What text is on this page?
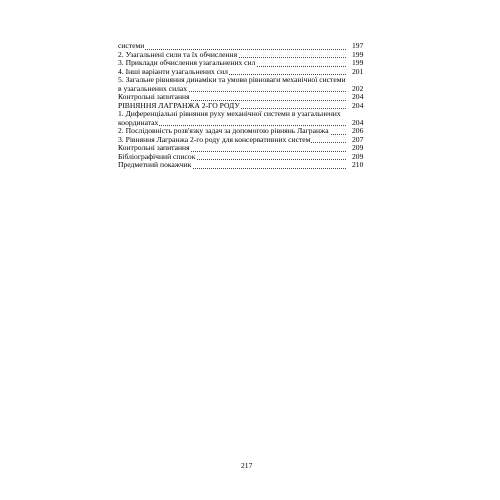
системи	197
2. Узагальнені сили та їх обчислення	199
3. Приклади обчислення узагальнених сил	199
4. Інші варіанти узагальнених сил	201
5. Загальне рівняння динаміки та умови рівноваги механічної системи в узагальнених силах	202
Контрольні запитання	204
РІВНЯННЯ ЛАГРАНЖА 2-ГО РОДУ	204
1. Диференціальні рівняння руху механічної системи в узагальнених координатах	204
2. Послідовність розв'язку задач за допомогою рівнянь Лагранжа	206
3. Рівняння Лагранжа 2-го роду для консервативних систем	207
Контрольні запитання	209
Бібліографічний список	209
Предметний покажчик	210
217
